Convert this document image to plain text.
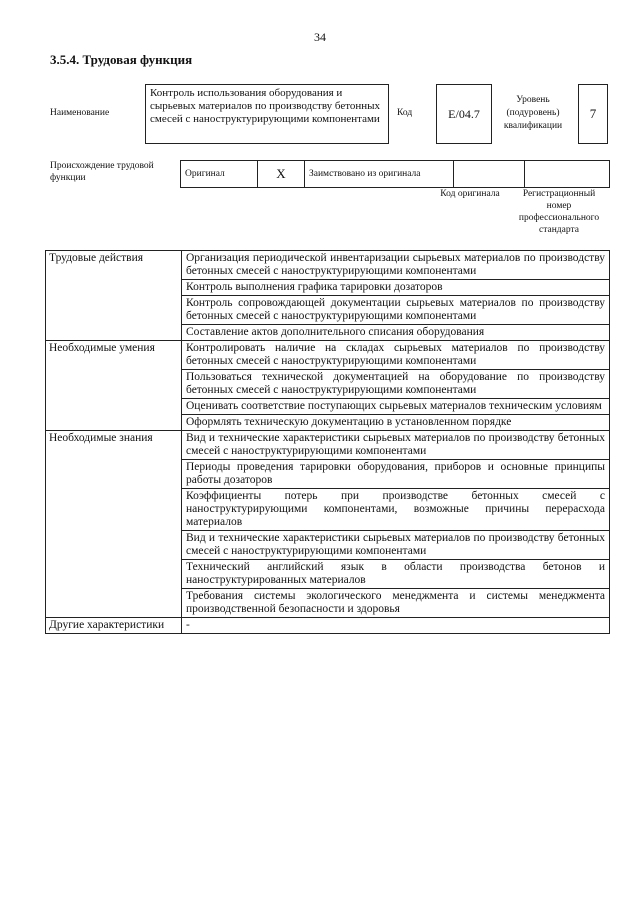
34
3.5.4. Трудовая функция
Наименование
Контроль использования оборудования и сырьевых материалов по производству бетонных смесей с наноструктурирующими компонентами	Код	E/04.7
Уровень (подуровень) квалификации
7
Происхождение трудовой функции	Оригинал	X	Заимствовано из оригинала		
Код оригинала	Регистрационный номер профессионального стандарта
Трудовые действия	Организация периодической инвентаризации сырьевых материалов по производству бетонных смесей с наноструктурирующими компонентами
	Контроль выполнения графика тарировки дозаторов
	Контроль сопровождающей документации сырьевых материалов по производству бетонных смесей с наноструктурирующими компонентами
	Составление актов дополнительного списания оборудования
Необходимые умения	Контролировать наличие на складах сырьевых материалов по производству бетонных смесей с наноструктурирующими компонентами
	Пользоваться технической документацией на оборудование по производству бетонных смесей с наноструктурирующими компонентами
	Оценивать соответствие поступающих сырьевых материалов техническим условиям
	Оформлять техническую документацию в установленном порядке
Необходимые знания	Вид и технические характеристики сырьевых материалов по производству бетонных смесей с наноструктурирующими компонентами
	Периоды проведения тарировки оборудования, приборов и основные принципы работы дозаторов
	Коэффициенты потерь при производстве бетонных смесей с наноструктурирующими компонентами, возможные причины перерасхода материалов
	Вид и технические характеристики сырьевых материалов по производству бетонных смесей с наноструктурирующими компонентами
	Технический английский язык в области производства бетонов и наноструктурированных материалов
	Требования системы экологического менеджмента и системы менеджмента производственной безопасности и здоровья
Другие характеристики	-
